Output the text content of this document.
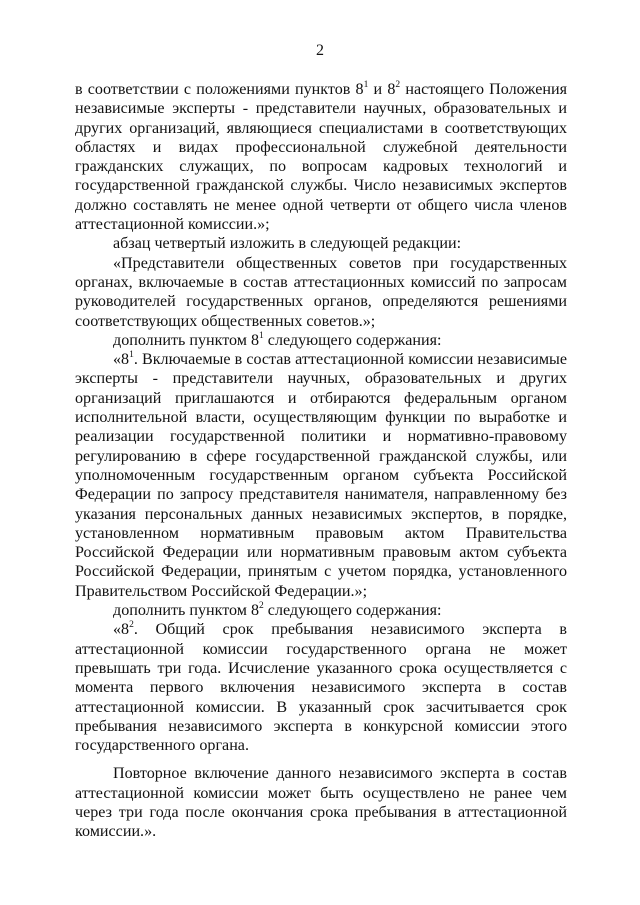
2

в соответствии с положениями пунктов $8^1$ и $8^2$ настоящего Положения независимые эксперты - представители научных, образовательных и других организаций, являющиеся специалистами в соответствующих областях и видах профессиональной служебной деятельности гражданских служащих, по вопросам кадровых технологий и государственной гражданской службы. Число независимых экспертов должно составлять не менее одной четверти от общего числа членов аттестационной комиссии.»;

абзац четвертый изложить в следующей редакции:

«Представители общественных советов при государственных органах, включаемые в состав аттестационных комиссий по запросам руководителей государственных органов, определяются решениями соответствующих общественных советов.»;

дополнить пунктом $8^1$ следующего содержания:

«$8^1$. Включаемые в состав аттестационной комиссии независимые эксперты - представители научных, образовательных и других организаций приглашаются и отбираются федеральным органом исполнительной власти, осуществляющим функции по выработке и реализации государственной политики и нормативно-правовому регулированию в сфере государственной гражданской службы, или уполномоченным государственным органом субъекта Российской Федерации по запросу представителя нанимателя, направленному без указания персональных данных независимых экспертов, в порядке, установленном нормативным правовым актом Правительства Российской Федерации или нормативным правовым актом субъекта Российской Федерации, принятым с учетом порядка, установленного Правительством Российской Федерации.»;

дополнить пунктом $8^2$ следующего содержания:

«$8^2$. Общий срок пребывания независимого эксперта в аттестационной комиссии государственного органа не может превышать три года. Исчисление указанного срока осуществляется с момента первого включения независимого эксперта в состав аттестационной комиссии. В указанный срок засчитывается срок пребывания независимого эксперта в конкурсной комиссии этого государственного органа.

Повторное включение данного независимого эксперта в состав аттестационной комиссии может быть осуществлено не ранее чем через три года после окончания срока пребывания в аттестационной комиссии.».
